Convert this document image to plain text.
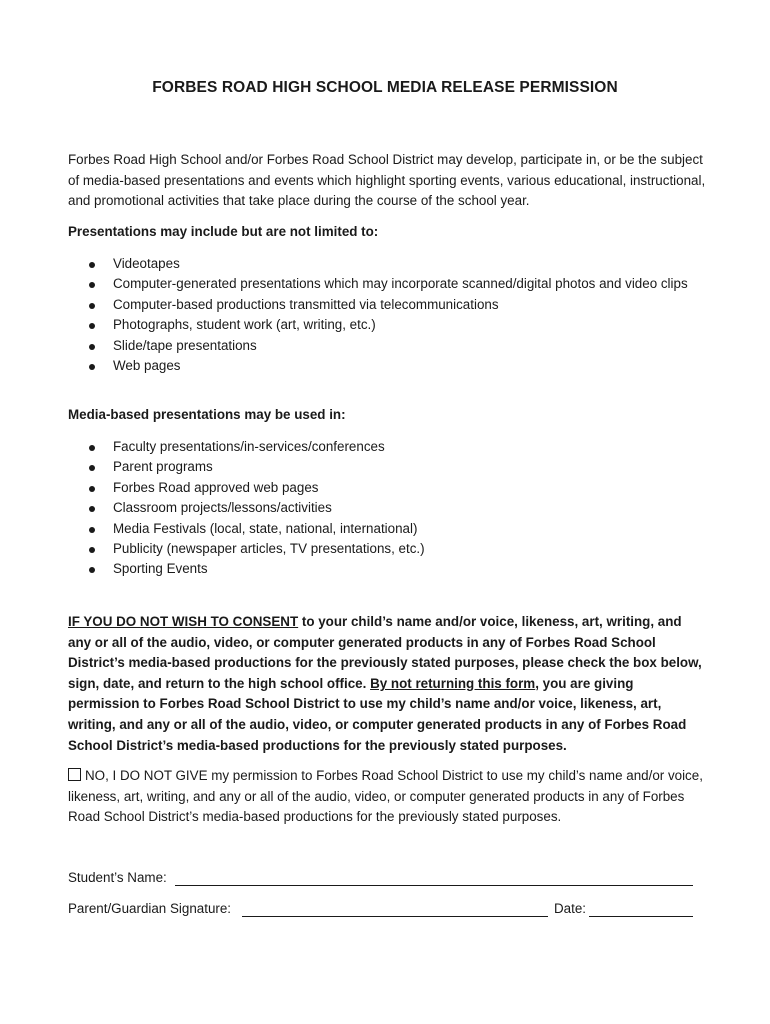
FORBES ROAD HIGH SCHOOL MEDIA RELEASE PERMISSION
Forbes Road High School and/or Forbes Road School District may develop, participate in, or be the subject of media-based presentations and events which highlight sporting events, various educational, instructional, and promotional activities that take place during the course of the school year.
Presentations may include but are not limited to:
Videotapes
Computer-generated presentations which may incorporate scanned/digital photos and video clips
Computer-based productions transmitted via telecommunications
Photographs, student work (art, writing, etc.)
Slide/tape presentations
Web pages
Media-based presentations may be used in:
Faculty presentations/in-services/conferences
Parent programs
Forbes Road approved web pages
Classroom projects/lessons/activities
Media Festivals (local, state, national, international)
Publicity (newspaper articles, TV presentations, etc.)
Sporting Events
IF YOU DO NOT WISH TO CONSENT to your child’s name and/or voice, likeness, art, writing, and any or all of the audio, video, or computer generated products in any of Forbes Road School District’s media-based productions for the previously stated purposes, please check the box below, sign, date, and return to the high school office. By not returning this form, you are giving permission to Forbes Road School District to use my child’s name and/or voice, likeness, art, writing, and any or all of the audio, video, or computer generated products in any of Forbes Road School District’s media-based productions for the previously stated purposes.
NO, I DO NOT GIVE my permission to Forbes Road School District to use my child’s name and/or voice, likeness, art, writing, and any or all of the audio, video, or computer generated products in any of Forbes Road School District’s media-based productions for the previously stated purposes.
Student’s Name:
Parent/Guardian Signature:	Date:
